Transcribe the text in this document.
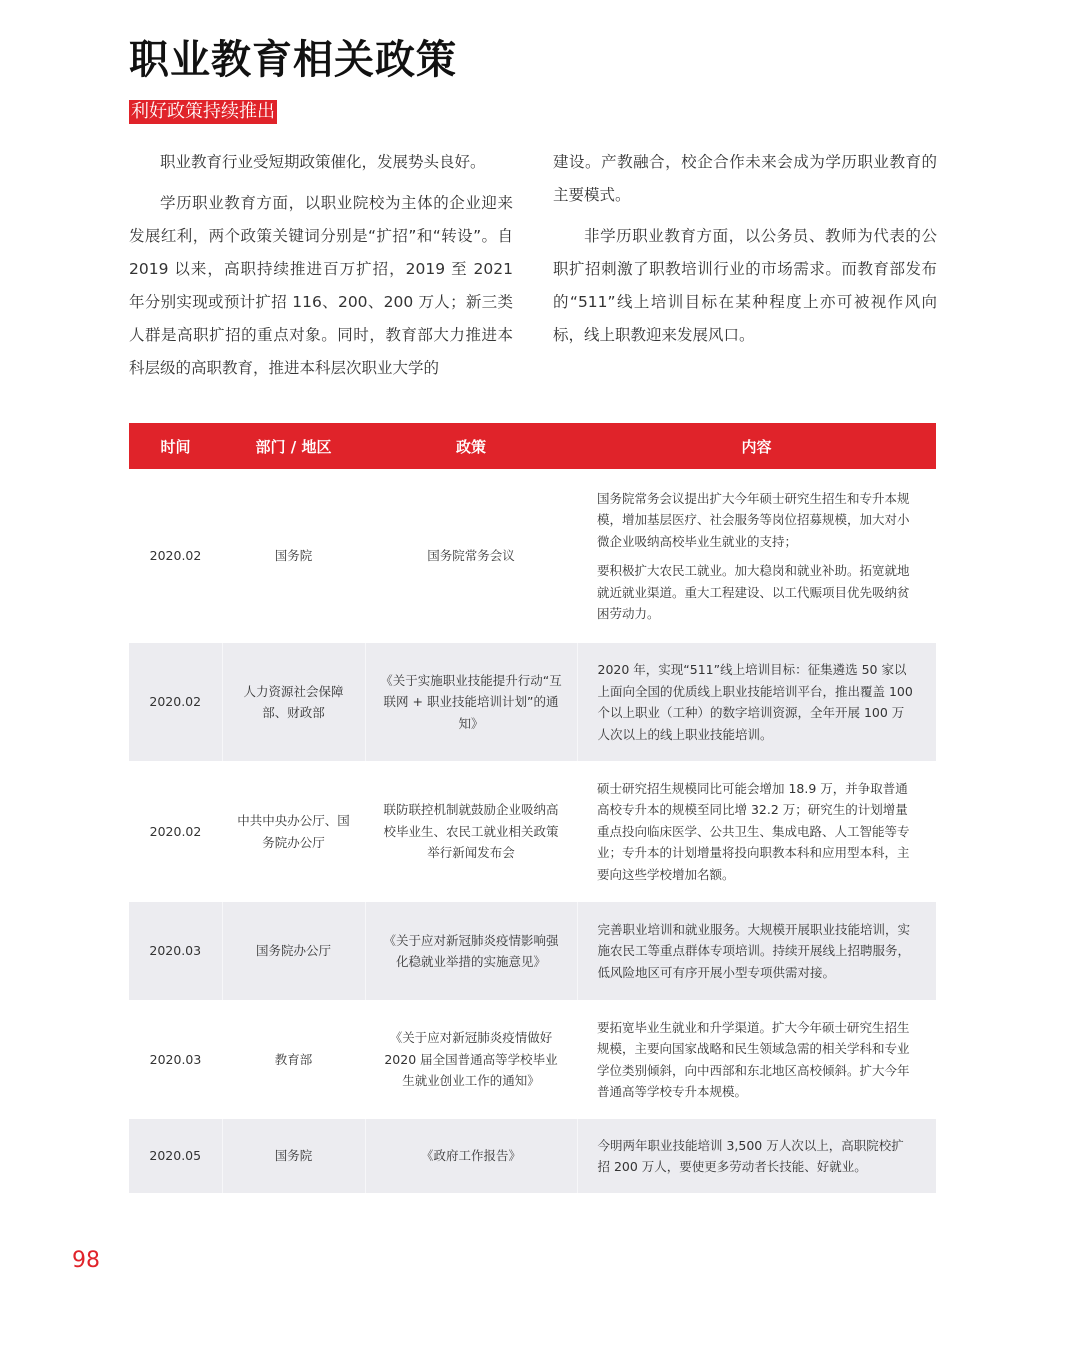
职业教育相关政策
利好政策持续推出

职业教育行业受短期政策催化，发展势头良好。

学历职业教育方面，以职业院校为主体的企业迎来发展红利，两个政策关键词分别是“扩招”和“转设”。自 2019 以来，高职持续推进百万扩招，2019 至 2021 年分别实现或预计扩招 116、200、200 万人；新三类人群是高职扩招的重点对象。同时，教育部大力推进本科层级的高职教育，推进本科层次职业大学的

建设。产教融合，校企合作未来会成为学历职业教育的主要模式。

非学历职业教育方面，以公务员、教师为代表的公职扩招刺激了职教培训行业的市场需求。而教育部发布的“511”线上培训目标在某种程度上亦可被视作风向标，线上职教迎来发展风口。

时间	部门 / 地区	政策	内容
2020.02	国务院	国务院常务会议	国务院常务会议提出扩大今年硕士研究生招生和专升本规模，增加基层医疗、社会服务等岗位招募规模，加大对小微企业吸纳高校毕业生就业的支持；

要积极扩大农民工就业。加大稳岗和就业补助。拓宽就地就近就业渠道。重大工程建设、以工代赈项目优先吸纳贫困劳动力。

2020.02	人力资源社会保障部、财政部	《关于实施职业技能提升行动“互联网 + 职业技能培训计划”的通知》	2020 年，实现“511”线上培训目标：征集遴选 50 家以上面向全国的优质线上职业技能培训平台，推出覆盖 100 个以上职业（工种）的数字培训资源，全年开展 100 万人次以上的线上职业技能培训。

2020.02	中共中央办公厅、国务院办公厅	联防联控机制就鼓励企业吸纳高校毕业生、农民工就业相关政策举行新闻发布会	硕士研究招生规模同比可能会增加 18.9 万，并争取普通高校专升本的规模至同比增 32.2 万；研究生的计划增量重点投向临床医学、公共卫生、集成电路、人工智能等专业；专升本的计划增量将投向职教本科和应用型本科，主要向这些学校增加名额。

2020.03	国务院办公厅	《关于应对新冠肺炎疫情影响强化稳就业举措的实施意见》	完善职业培训和就业服务。大规模开展职业技能培训，实施农民工等重点群体专项培训。持续开展线上招聘服务，低风险地区可有序开展小型专项供需对接。

2020.03	教育部	《关于应对新冠肺炎疫情做好 2020 届全国普通高等学校毕业生就业创业工作的通知》	要拓宽毕业生就业和升学渠道。扩大今年硕士研究生招生规模，主要向国家战略和民生领域急需的相关学科和专业学位类别倾斜，向中西部和东北地区高校倾斜。扩大今年普通高等学校专升本规模。

2020.05	国务院	《政府工作报告》	今明两年职业技能培训 3,500 万人次以上，高职院校扩招 200 万人，要使更多劳动者长技能、好就业。

98
